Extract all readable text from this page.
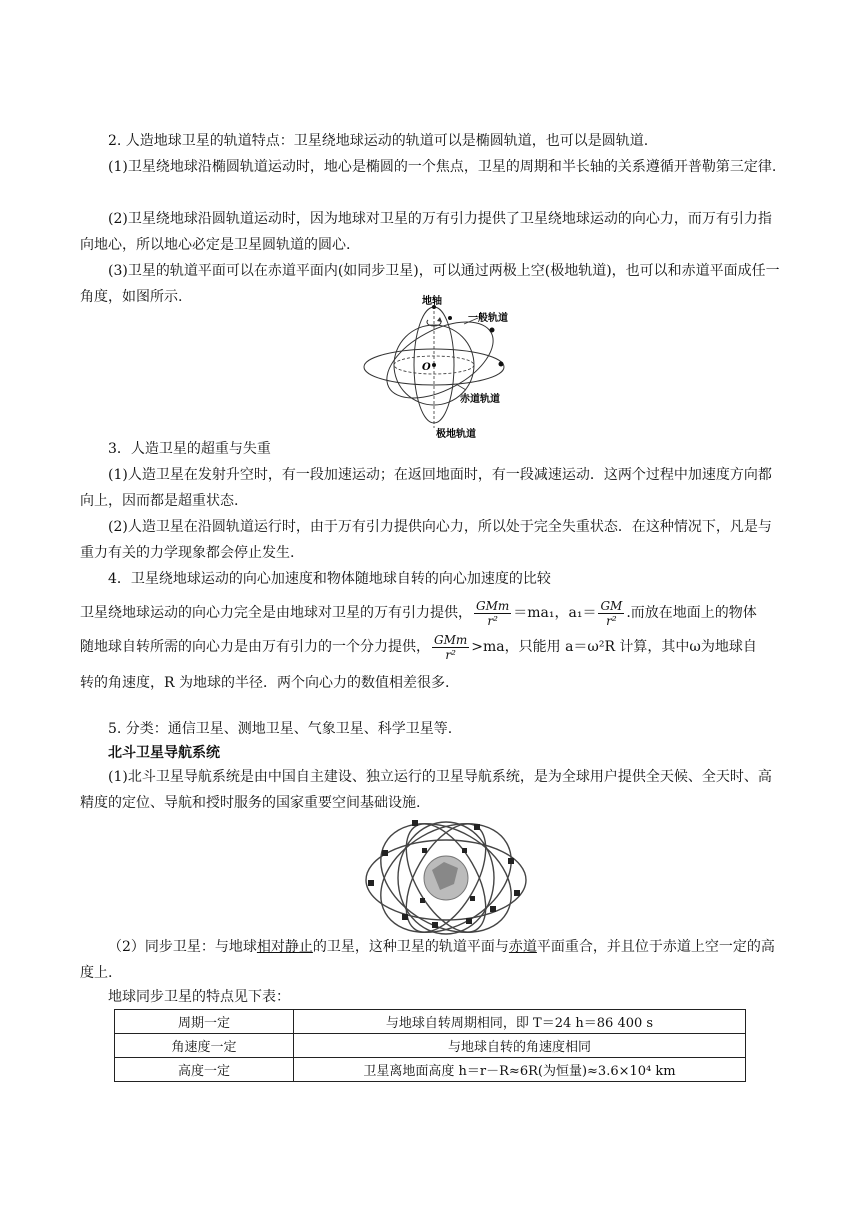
2. 人造地球卫星的轨道特点：卫星绕地球运动的轨道可以是椭圆轨道，也可以是圆轨道.

(1)卫星绕地球沿椭圆轨道运动时，地心是椭圆的一个焦点，卫星的周期和半长轴的关系遵循开普勒第三定律.

(2)卫星绕地球沿圆轨道运动时，因为地球对卫星的万有引力提供了卫星绕地球运动的向心力，而万有引力指向地心，所以地心必定是卫星圆轨道的圆心.

(3)卫星的轨道平面可以在赤道平面内(如同步卫星)，可以通过两极上空(极地轨道)，也可以和赤道平面成任一角度，如图所示.	地轴
一般轨道
O
赤道轨道
极地轨道

3．人造卫星的超重与失重

(1)人造卫星在发射升空时，有一段加速运动；在返回地面时，有一段减速运动．这两个过程中加速度方向都向上，因而都是超重状态.

(2)人造卫星在沿圆轨道运行时，由于万有引力提供向心力，所以处于完全失重状态．在这种情况下，凡是与重力有关的力学现象都会停止发生.

4．卫星绕地球运动的向心加速度和物体随地球自转的向心加速度的比较

卫星绕地球运动的向心力完全是由地球对卫星的万有引力提供， $\frac{\text{GMm}}{\text{r²}} =ma_1$，$a_1= \frac{GM}{\text{r²}}$ .而放在地面上的物体
随地球自转所需的向心力是由万有引力的一个分力提供， $\frac{\text{GMm}}{\text{r²}} >ma$，只能用 a＝ω²R 计算，其中ω为地球自

转的角速度，R 为地球的半径．两个向心力的数值相差很多.

5. 分类：通信卫星、测地卫星、气象卫星、科学卫星等.

北斗卫星导航系统

(1)北斗卫星导航系统是由中国自主建设、独立运行的卫星导航系统，是为全球用户提供全天候、全天时、高精度的定位、导航和授时服务的国家重要空间基础设施.

（2）同步卫星：与地球相对静止的卫星，这种卫星的轨道平面与赤道平面重合，并且位于赤道上空一定的高度上.

地球同步卫星的特点见下表：

周期一定	与地球自转周期相同，即 T＝24 h＝86 400 s
角速度一定	与地球自转的角速度相同
高度一定	卫星离地面高度 h＝r－R≈6R(为恒量)≈3.6×10⁴ km
